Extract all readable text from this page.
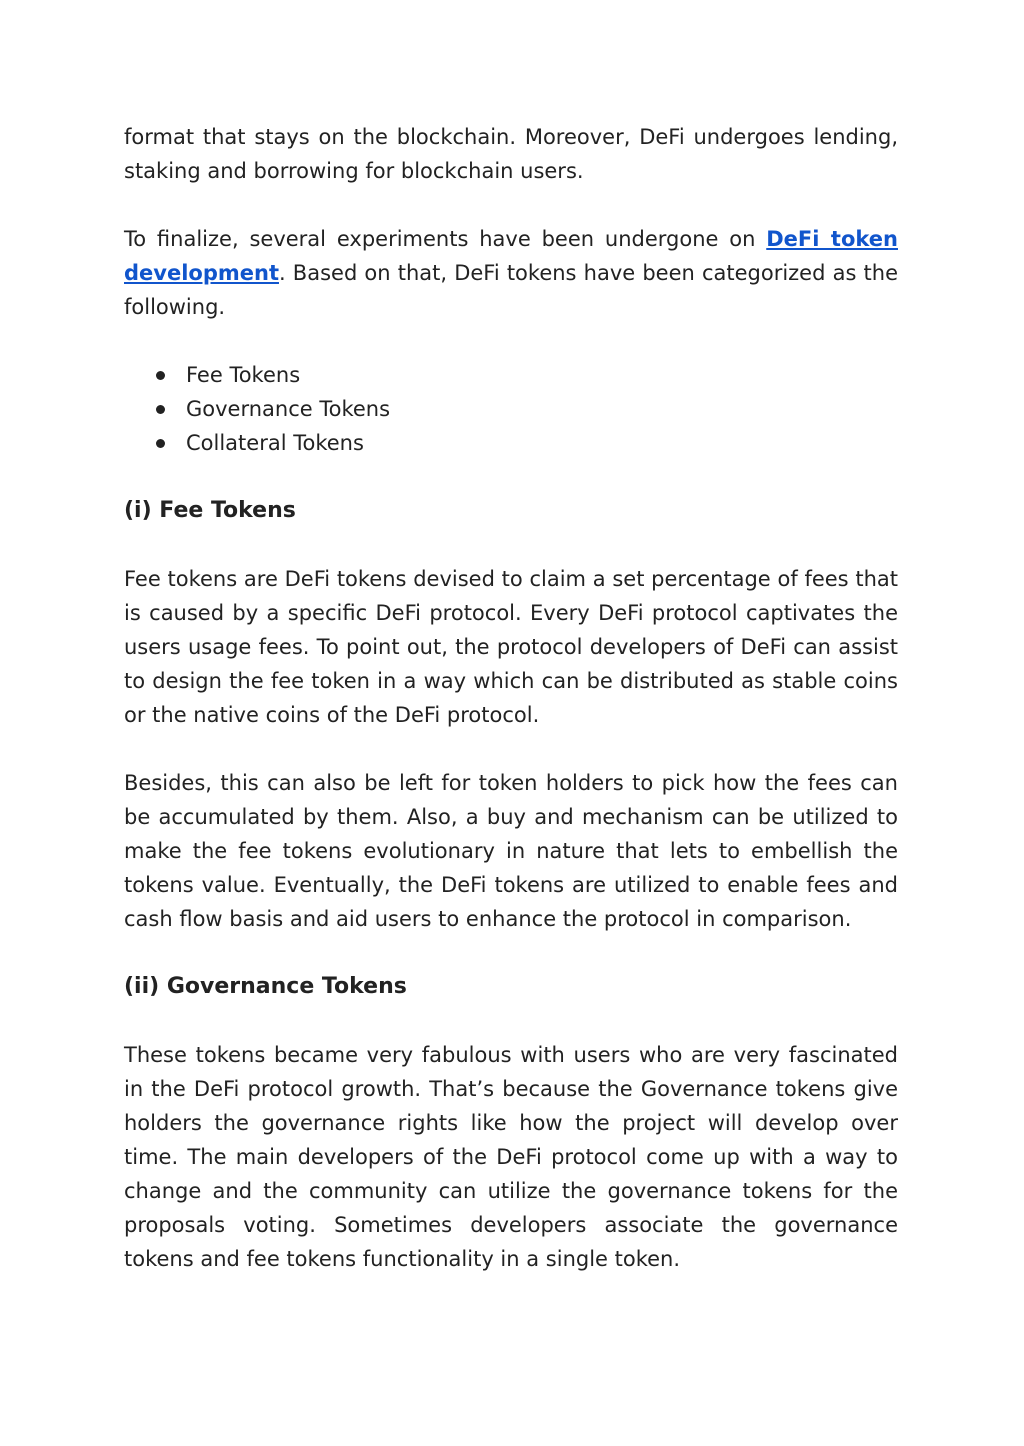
format that stays on the blockchain. Moreover, DeFi undergoes lending, staking and borrowing for blockchain users.

To finalize, several experiments have been undergone on DeFi token development. Based on that, DeFi tokens have been categorized as the following.

Fee Tokens
Governance Tokens
Collateral Tokens
(i) Fee Tokens

Fee tokens are DeFi tokens devised to claim a set percentage of fees that is caused by a specific DeFi protocol. Every DeFi protocol captivates the users usage fees. To point out, the protocol developers of DeFi can assist to design the fee token in a way which can be distributed as stable coins or the native coins of the DeFi protocol.

Besides, this can also be left for token holders to pick how the fees can be accumulated by them. Also, a buy and mechanism can be utilized to make the fee tokens evolutionary in nature that lets to embellish the tokens value. Eventually, the DeFi tokens are utilized to enable fees and cash flow basis and aid users to enhance the protocol in comparison.

(ii) Governance Tokens

These tokens became very fabulous with users who are very fascinated in the DeFi protocol growth. That’s because the Governance tokens give holders the governance rights like how the project will develop over time. The main developers of the DeFi protocol come up with a way to change and the community can utilize the governance tokens for the proposals voting. Sometimes developers associate the governance tokens and fee tokens functionality in a single token.
